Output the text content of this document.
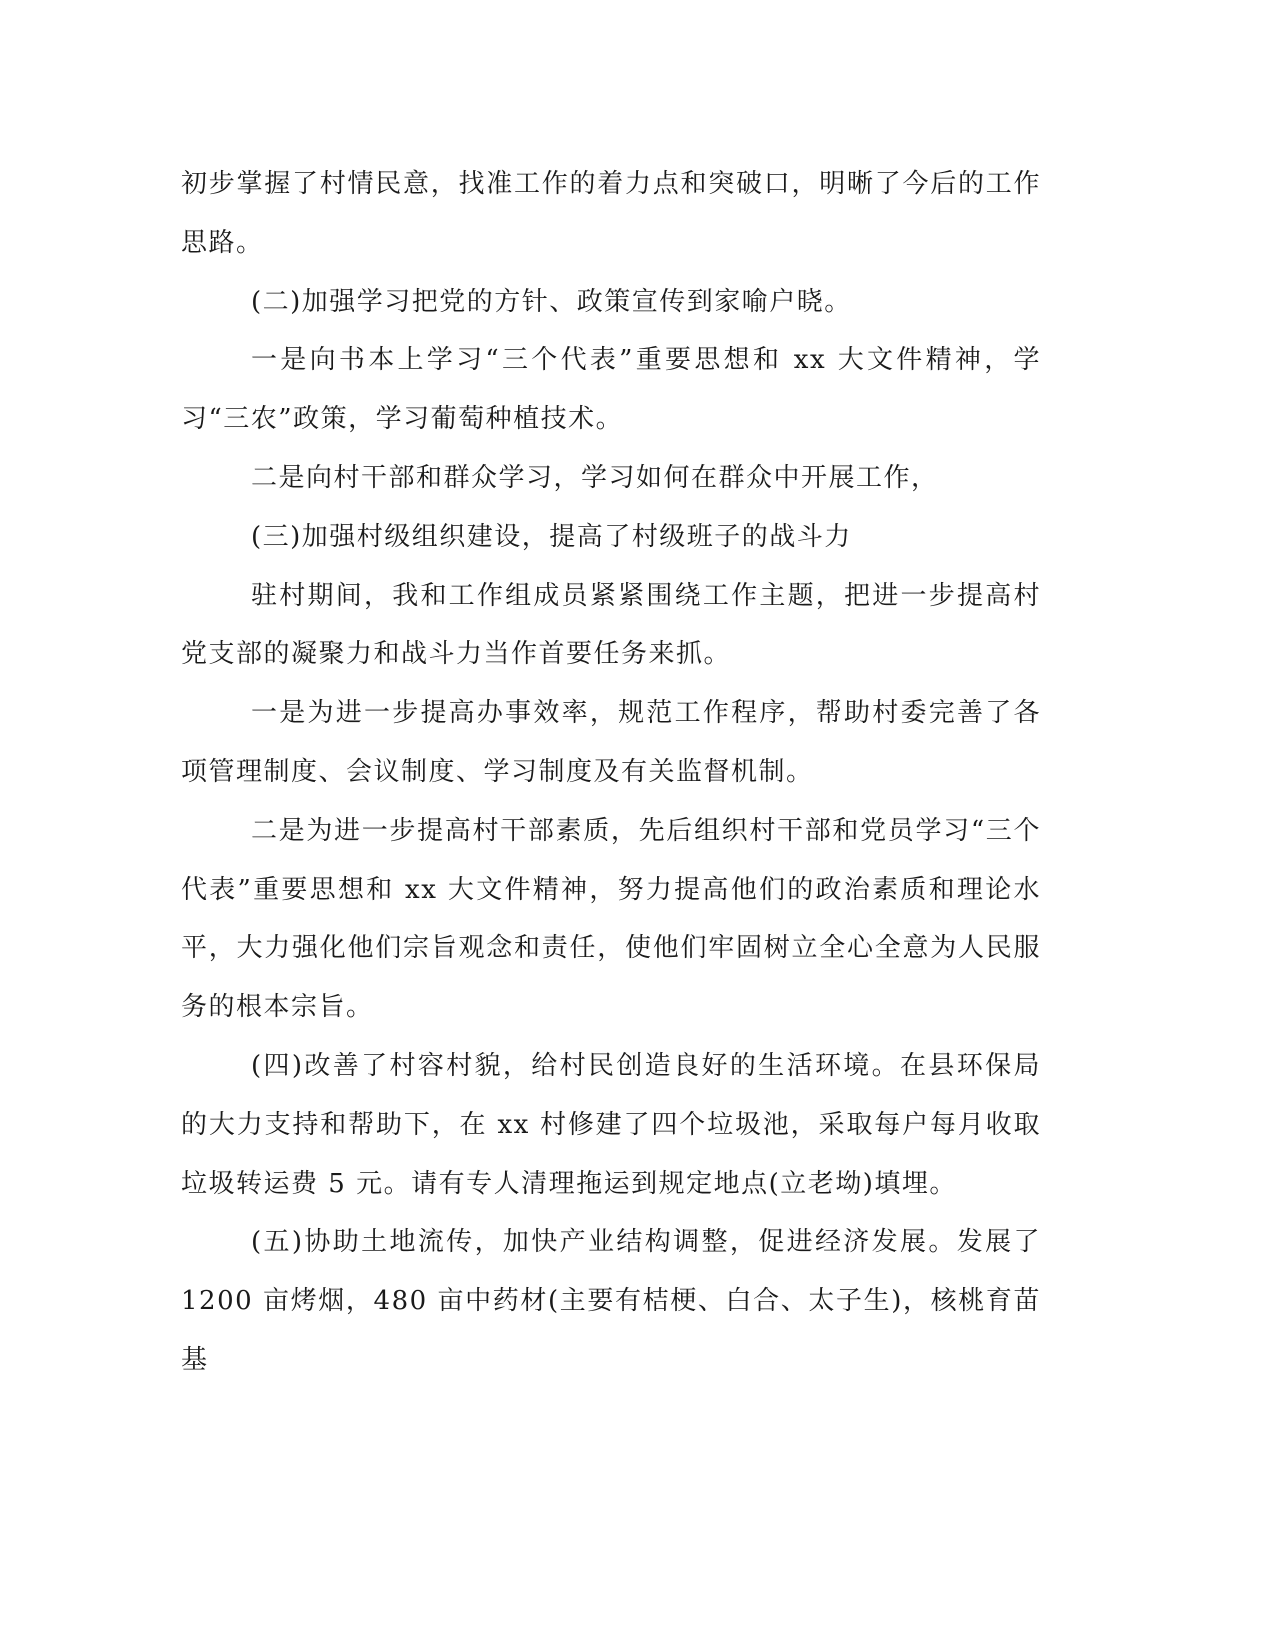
初步掌握了村情民意，找准工作的着力点和突破口，明晰了今后的工作思路。

(二)加强学习把党的方针、政策宣传到家喻户晓。

一是向书本上学习“三个代表”重要思想和 xx 大文件精神，学习“三农”政策，学习葡萄种植技术。

二是向村干部和群众学习，学习如何在群众中开展工作，

(三)加强村级组织建设，提高了村级班子的战斗力

驻村期间，我和工作组成员紧紧围绕工作主题，把进一步提高村党支部的凝聚力和战斗力当作首要任务来抓。

一是为进一步提高办事效率，规范工作程序，帮助村委完善了各项管理制度、会议制度、学习制度及有关监督机制。

二是为进一步提高村干部素质，先后组织村干部和党员学习“三个代表”重要思想和 xx 大文件精神，努力提高他们的政治素质和理论水平，大力强化他们宗旨观念和责任，使他们牢固树立全心全意为人民服务的根本宗旨。

(四)改善了村容村貌，给村民创造良好的生活环境。在县环保局的大力支持和帮助下，在 xx 村修建了四个垃圾池，采取每户每月收取垃圾转运费 5 元。请有专人清理拖运到规定地点(立老坳)填埋。

(五)协助土地流传，加快产业结构调整，促进经济发展。发展了 1200 亩烤烟，480 亩中药材(主要有桔梗、白合、太子生)，核桃育苗基
